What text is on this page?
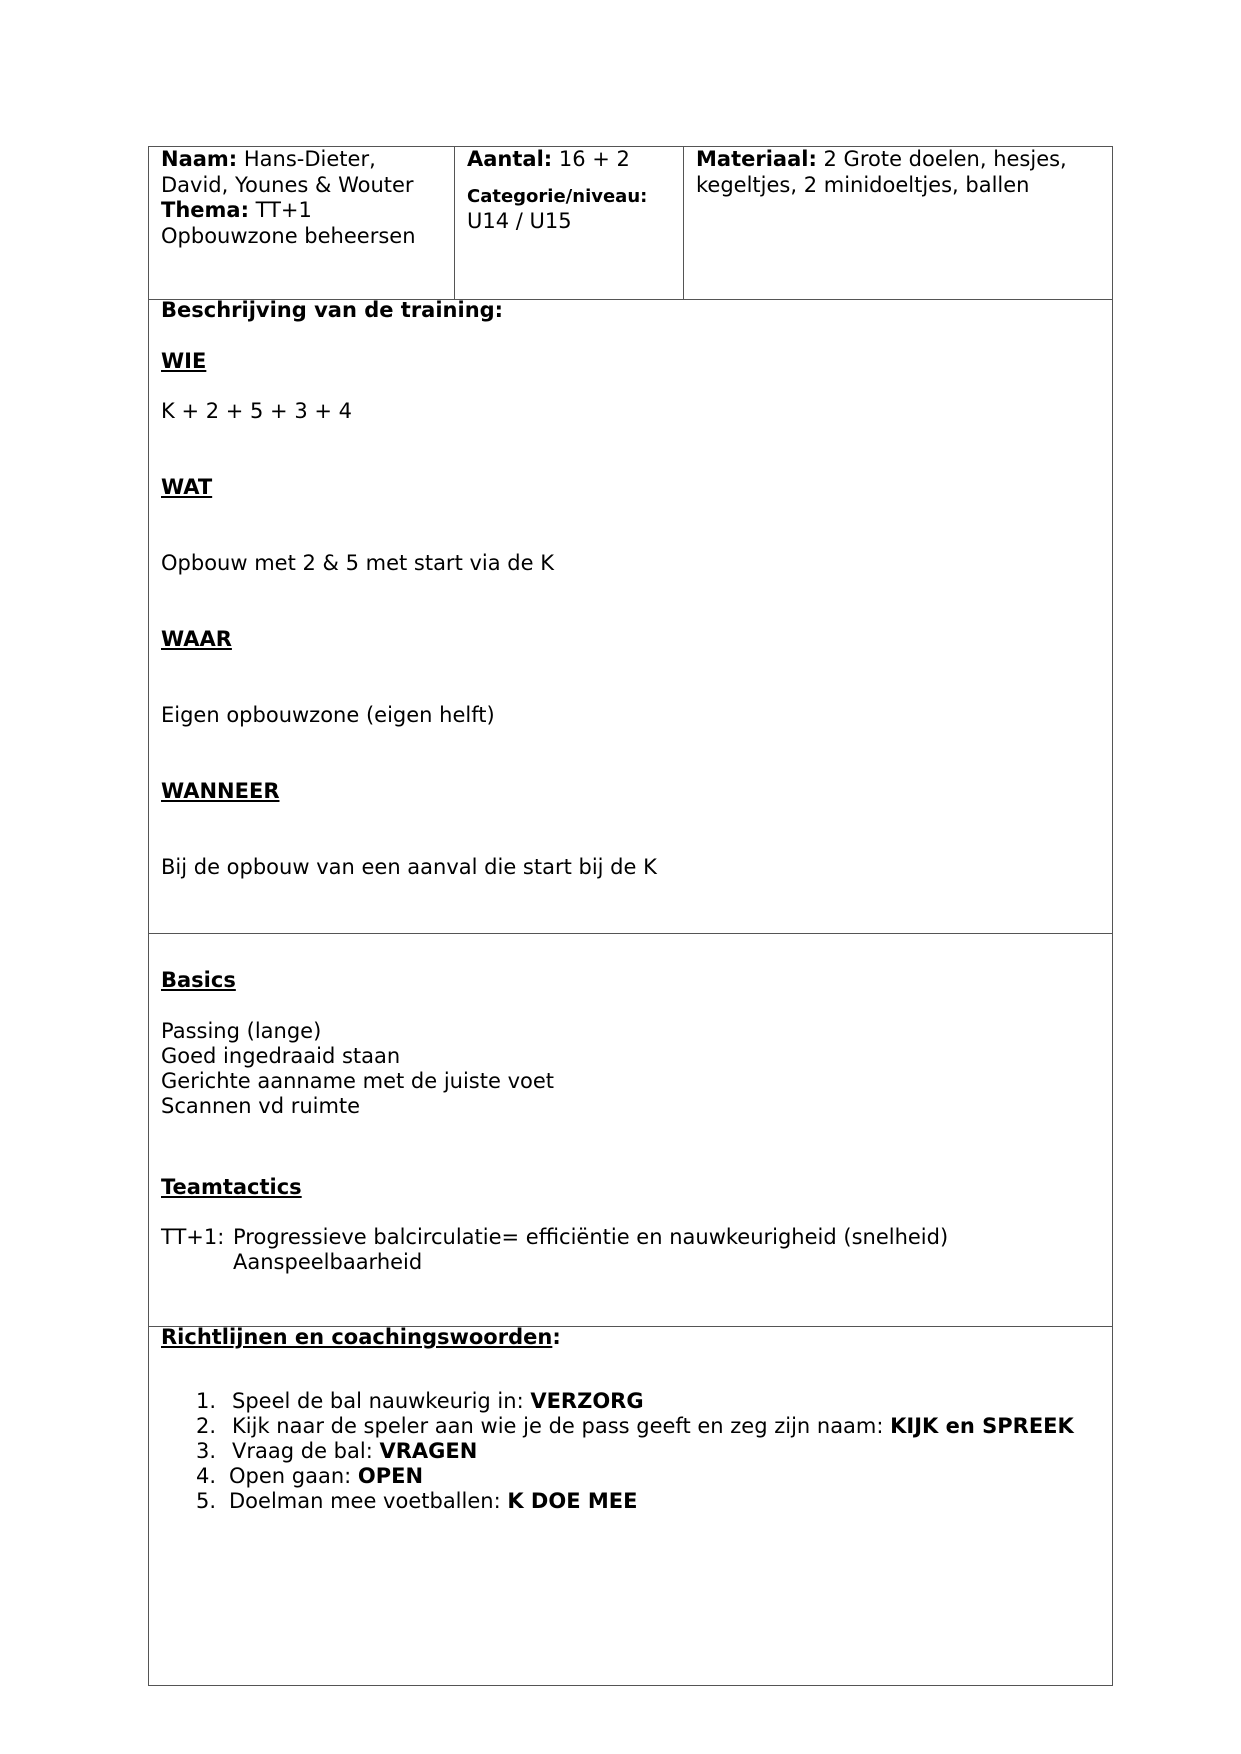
Naam: Hans-Dieter,
David, Younes & Wouter
Thema: TT+1
Opbouwzone beheersen
Aantal: 16 + 2
Categorie/niveau:
U14 / U15
Materiaal: 2 Grote doelen, hesjes,
kegeltjes, 2 minidoeltjes, ballen
Beschrijving van de training:
WIE
K + 2 + 5 + 3 + 4
WAT
Opbouw met 2 & 5 met start via de K
WAAR
Eigen opbouwzone (eigen helft)
WANNEER
Bij de opbouw van een aanval die start bij de K
Basics
Passing (lange)
Goed ingedraaid staan
Gerichte aanname met de juiste voet
Scannen vd ruimte
Teamtactics
TT+1: Progressieve balcirculatie= efficiëntie en nauwkeurigheid (snelheid)
Aanspeelbaarheid
Richtlijnen en coachingswoorden:
1. Speel de bal nauwkeurig in: VERZORG
2. Kijk naar de speler aan wie je de pass geeft en zeg zijn naam: KIJK en SPREEK
3. Vraag de bal: VRAGEN
4. Open gaan: OPEN
5. Doelman mee voetballen: K DOE MEE
